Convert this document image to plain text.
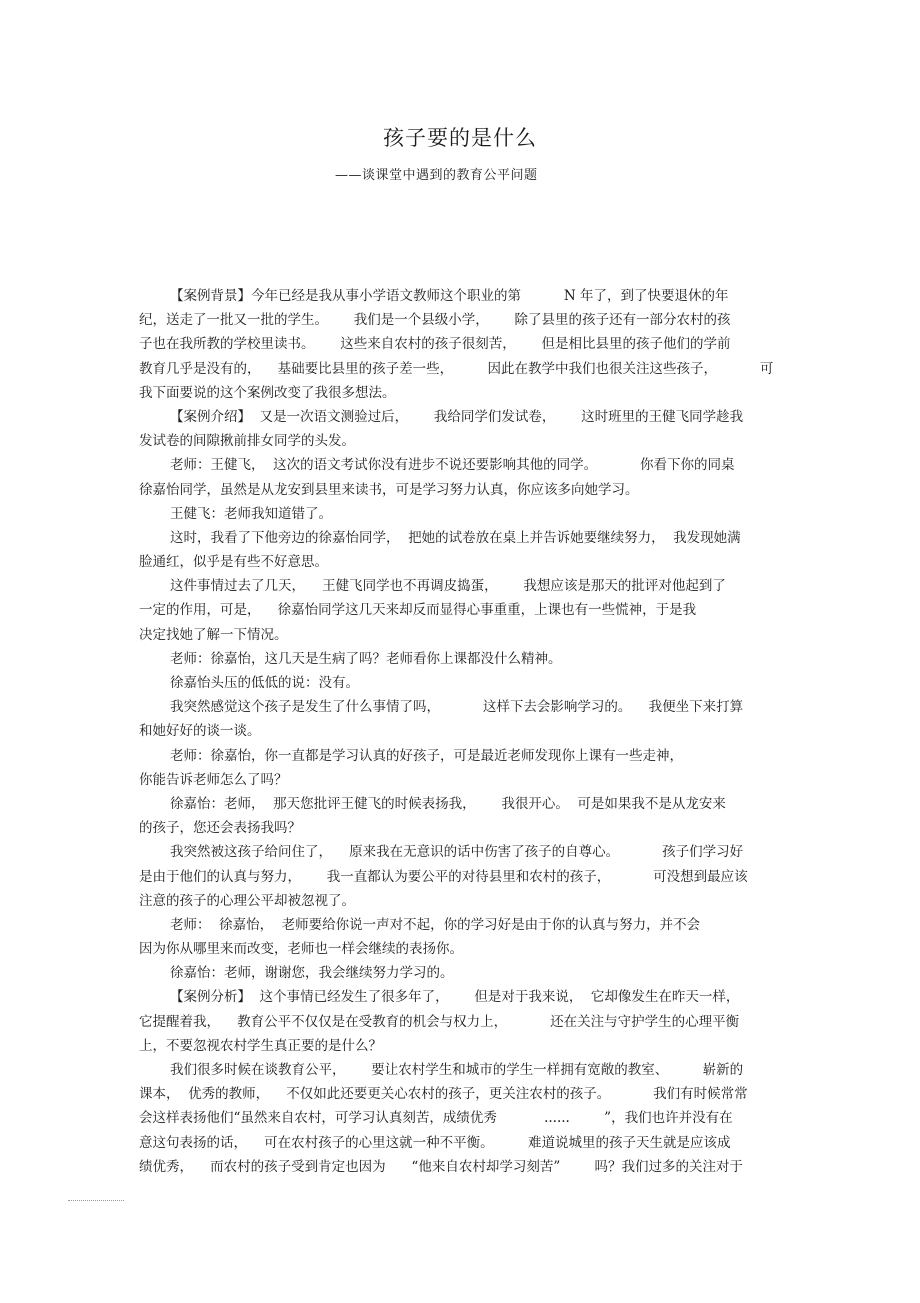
孩子要的是什么
——谈课堂中遇到的教育公平问题
【案例背景】今年已经是我从事小学语文教师这个职业的第          N 年了，到了快要退休的年
纪，送走了一批又一批的学生。      我们是一个县级小学，      除了县里的孩子还有一部分农村的孩
子也在我所教的学校里读书。      这些来自农村的孩子很刻苦，      但是相比县里的孩子他们的学前
教育几乎是没有的，    基础要比县里的孩子差一些，        因此在教学中我们也很关注这些孩子，          可
我下面要说的这个案例改变了我很多想法。
【案例介绍】  又是一次语文测验过后，      我给同学们发试卷，      这时班里的王健飞同学趁我
发试卷的间隙揪前排女同学的头发。
老师：王健飞，  这次的语文考试你没有进步不说还要影响其他的同学。          你看下你的同桌
徐嘉怡同学，虽然是从龙安到县里来读书，可是学习努力认真，你应该多向她学习。
王健飞：老师我知道错了。
这时，我看了下他旁边的徐嘉怡同学，  把她的试卷放在桌上并告诉她要继续努力，  我发现她满
脸通红，似乎是有些不好意思。
这件事情过去了几天，    王健飞同学也不再调皮捣蛋，      我想应该是那天的批评对他起到了
一定的作用，可是，    徐嘉怡同学这几天来却反而显得心事重重，上课也有一些慌神，于是我
决定找她了解一下情况。
老师：徐嘉怡，这几天是生病了吗？老师看你上课都没什么精神。
徐嘉怡头压的低低的说：没有。
我突然感觉这个孩子是发生了什么事情了吗，          这样下去会影响学习的。    我便坐下来打算
和她好好的谈一谈。
老师：徐嘉怡，你一直都是学习认真的好孩子，可是最近老师发现你上课有一些走神，
你能告诉老师怎么了吗？
徐嘉怡：老师，  那天您批评王健飞的时候表扬我，      我很开心。  可是如果我不是从龙安来
的孩子，您还会表扬我吗？
我突然被这孩子给问住了，    原来我在无意识的话中伤害了孩子的自尊心。          孩子们学习好
是由于他们的认真与努力，      我一直都认为要公平的对待县里和农村的孩子，          可没想到最应该
注意的孩子的心理公平却被忽视了。
老师：  徐嘉怡，  老师要给你说一声对不起，你的学习好是由于你的认真与努力，并不会
因为你从哪里来而改变，老师也一样会继续的表扬你。
徐嘉怡：老师，谢谢您，我会继续努力学习的。
【案例分析】  这个事情已经发生了很多年了，      但是对于我来说，  它却像发生在昨天一样，
它提醒着我，    教育公平不仅仅是在受教育的机会与权力上，          还在关注与守护学生的心理平衡
上，不要忽视农村学生真正要的是什么？
我们很多时候在谈教育公平，      要让农村学生和城市的学生一样拥有宽敞的教室、        崭新的
课本，  优秀的教师，    不仅如此还要更关心农村的孩子，更关注农村的孩子。          我们有时候常常
会这样表扬他们“虽然来自农村，可学习认真刻苦，成绩优秀           ......        ”，我们也许并没有在
意这句表扬的话，    可在农村孩子的心里这就一种不平衡。        难道说城里的孩子天生就是应该成
绩优秀，    而农村的孩子受到肯定也因为      “他来自农村却学习刻苦”        吗？我们过多的关注对于
